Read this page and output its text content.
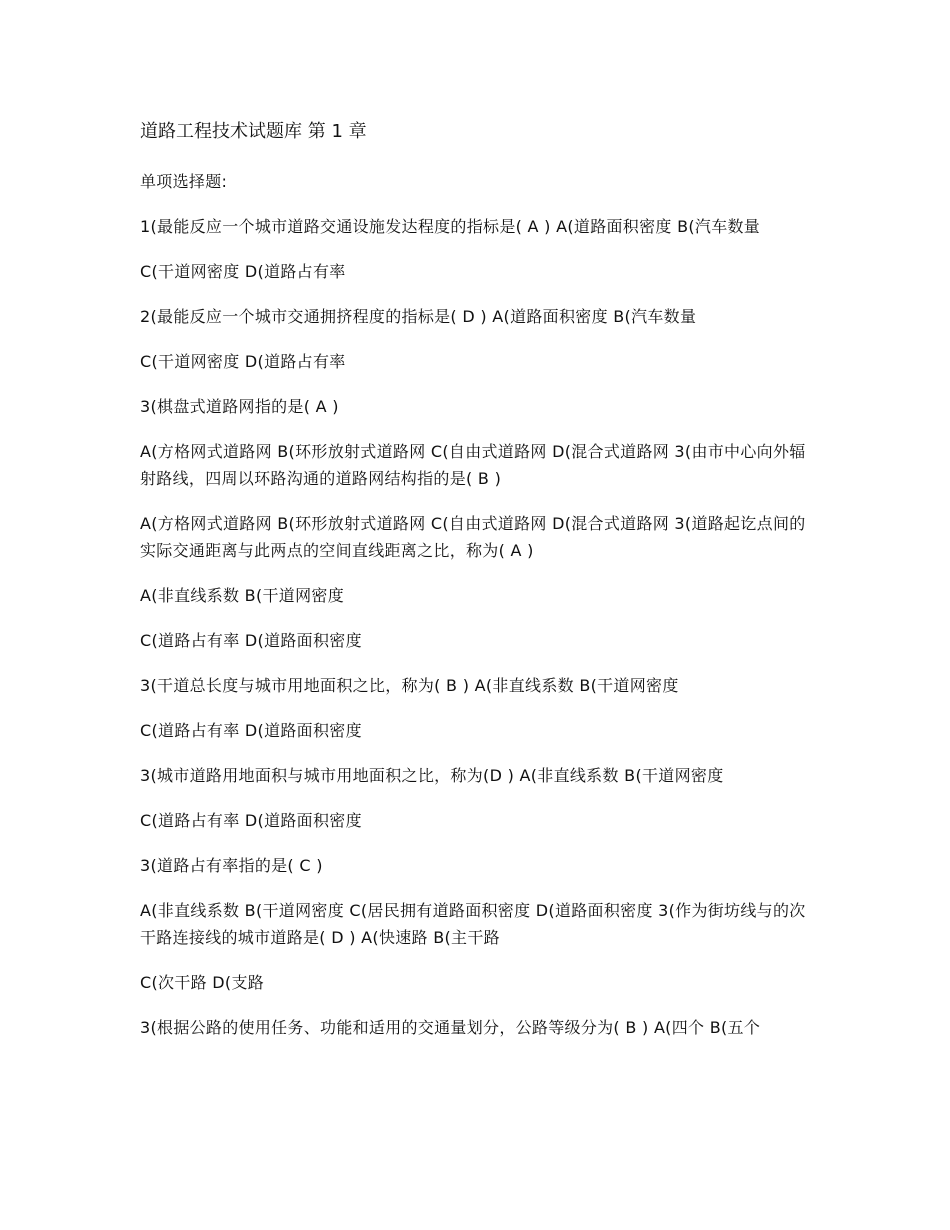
道路工程技术试题库 第 1 章
单项选择题:
1(最能反应一个城市道路交通设施发达程度的指标是( A ) A(道路面积密度 B(汽车数量
C(干道网密度 D(道路占有率
2(最能反应一个城市交通拥挤程度的指标是( D ) A(道路面积密度 B(汽车数量
C(干道网密度 D(道路占有率
3(棋盘式道路网指的是( A )
A(方格网式道路网 B(环形放射式道路网 C(自由式道路网 D(混合式道路网 3(由市中心向外辐射路线，四周以环路沟通的道路网结构指的是( B )
A(方格网式道路网 B(环形放射式道路网 C(自由式道路网 D(混合式道路网 3(道路起讫点间的实际交通距离与此两点的空间直线距离之比，称为( A )
A(非直线系数 B(干道网密度
C(道路占有率 D(道路面积密度
3(干道总长度与城市用地面积之比，称为( B ) A(非直线系数 B(干道网密度
C(道路占有率 D(道路面积密度
3(城市道路用地面积与城市用地面积之比，称为(D ) A(非直线系数 B(干道网密度
C(道路占有率 D(道路面积密度
3(道路占有率指的是( C )
A(非直线系数 B(干道网密度 C(居民拥有道路面积密度 D(道路面积密度 3(作为街坊线与的次干路连接线的城市道路是( D ) A(快速路 B(主干路
C(次干路 D(支路
3(根据公路的使用任务、功能和适用的交通量划分，公路等级分为( B ) A(四个 B(五个
